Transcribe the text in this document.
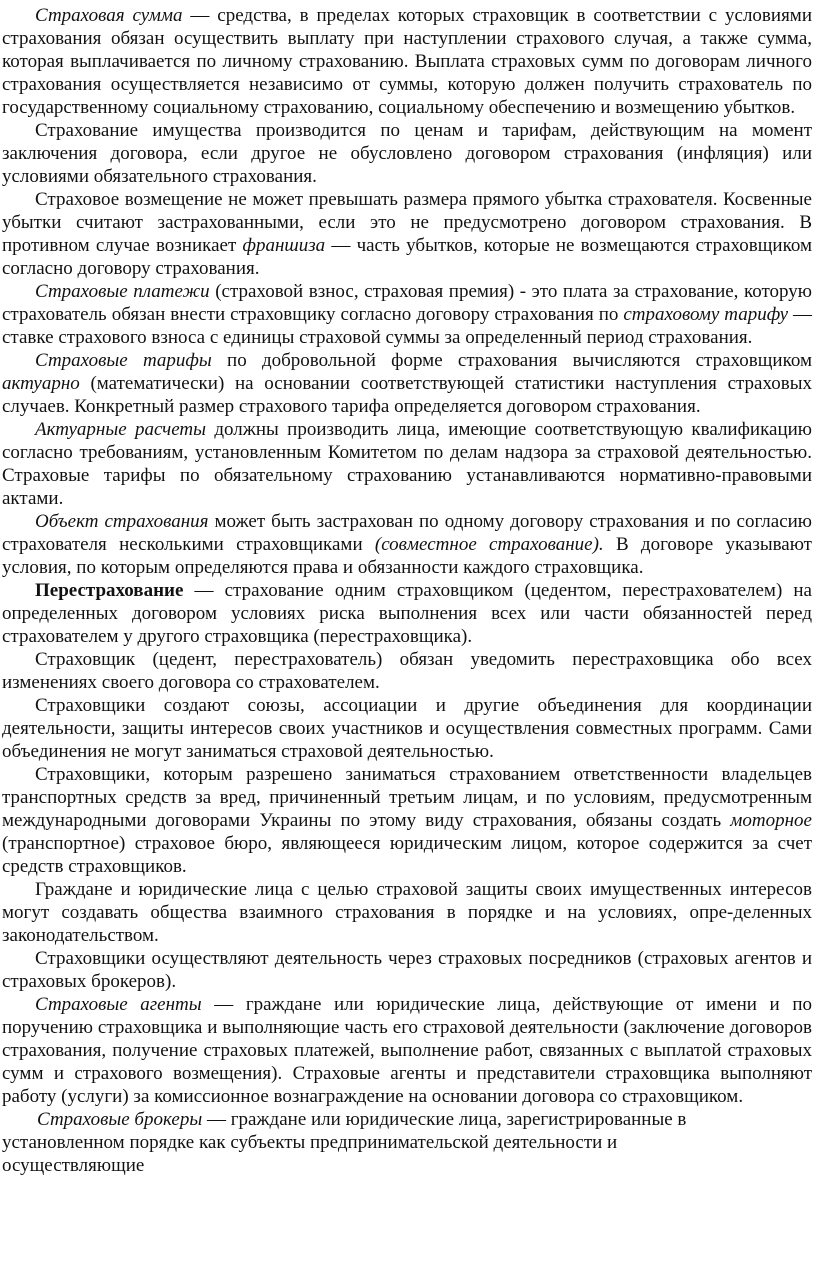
Страховая сумма — средства, в пределах которых страховщик в соответствии с условиями страхования обязан осуществить выплату при наступлении страхового случая, а также сумма, которая выплачивается по личному страхованию. Выплата страховых сумм по договорам личного страхования осуществляется независимо от суммы, которую должен получить страхователь по государственному социальному страхованию, социальному обеспечению и возмещению убытков.

Страхование имущества производится по ценам и тарифам, действующим на момент заключения договора, если другое не обусловлено договором страхования (инфляция) или условиями обязательного страхования.

Страховое возмещение не может превышать размера прямого убытка страхователя. Косвенные убытки считают застрахованными, если это не предусмотрено договором страхования. В противном случае возникает франшиза — часть убытков, которые не возмещаются страховщиком согласно договору страхования.

Страховые платежи (страховой взнос, страховая премия) - это плата за страхование, которую страхователь обязан внести страховщику согласно договору страхования по страховому тарифу — ставке страхового взноса с единицы страховой суммы за определенный период страхования.

Страховые тарифы по добровольной форме страхования вычисляются страховщиком актуарно (математически) на основании соответствующей статистики наступления страховых случаев. Конкретный размер страхового тарифа определяется договором страхования.

Актуарные расчеты должны производить лица, имеющие соответствующую квалификацию согласно требованиям, установленным Комитетом по делам надзора за страховой деятельностью. Страховые тарифы по обязательному страхованию устанавливаются нормативно-правовыми актами.

Объект страхования может быть застрахован по одному договору страхования и по согласию страхователя несколькими страховщиками (совместное страхование). В договоре указывают условия, по которым определяются права и обязанности каждого страховщика.

Перестрахование — страхование одним страховщиком (цедентом, перестрахователем) на определенных договором условиях риска выполнения всех или части обязанностей перед страхователем у другого страховщика (перестраховщика).

Страховщик (цедент, перестрахователь) обязан уведомить перестраховщика обо всех изменениях своего договора со страхователем.

Страховщики создают союзы, ассоциации и другие объединения для координации деятельности, защиты интересов своих участников и осуществления совместных программ. Сами объединения не могут заниматься страховой деятельностью.

Страховщики, которым разрешено заниматься страхованием ответственности владельцев транспортных средств за вред, причиненный третьим лицам, и по условиям, предусмотренным международными договорами Украины по этому виду страхования, обязаны создать моторное (транспортное) страховое бюро, являющееся юридическим лицом, которое содержится за счет средств страховщиков.

Граждане и юридические лица с целью страховой защиты своих имущественных интересов могут создавать общества взаимного страхования в порядке и на условиях, опре-деленных законодательством.

Страховщики осуществляют деятельность через страховых посредников (страховых агентов и страховых брокеров).

Страховые агенты — граждане или юридические лица, действующие от имени и по поручению страховщика и выполняющие часть его страховой деятельности (заключение договоров страхования, получение страховых платежей, выполнение работ, связанных с выплатой страховых сумм и страхового возмещения). Страховые агенты и представители страховщика выполняют работу (услуги) за комиссионное вознаграждение на основании договора со страховщиком.

Страховые брокеры — граждане или юридические лица, зарегистрированные в

установленном порядке как субъекты предпринимательской деятельности и

осуществляющие
